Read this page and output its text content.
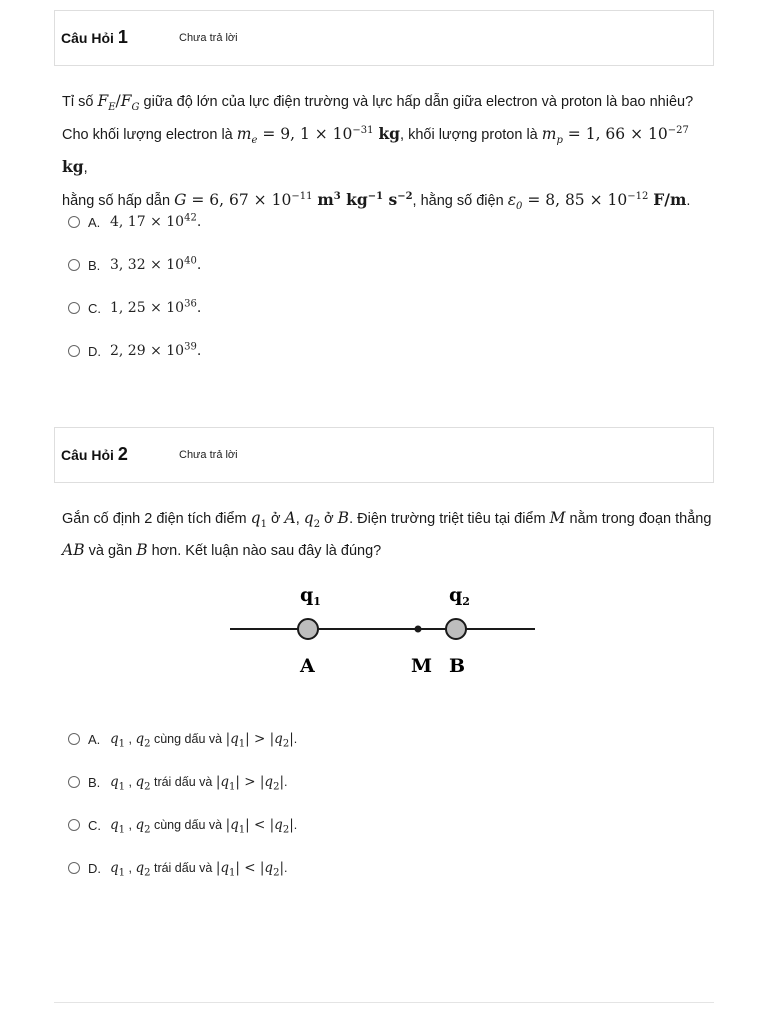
Câu Hỏi 1	Chưa trả lời
Tỉ số $F_E/F_G$ giữa độ lớn của lực điện trường và lực hấp dẫn giữa electron và proton là bao nhiêu?
Cho khối lượng electron là $m_e = 9$, $1 \times 10^{-31}$ kg, khối lượng proton là $m_p = 1$, $66 \times 10^{-27}$ kg,
hằng số hấp dẫn G = 6, $67 \times 10^{-11}$ $m^3$ $kg^{-1}$ $s^{-2}$, hằng số điện $\varepsilon_0 = 8$, $85 \times 10^{-12}$ F/m.
A. 4, $17 \times 10^{42}$.
B. 3, $32 \times 10^{40}$.
C. 1, $25 \times 10^{36}$.
D. 2, $29 \times 10^{39}$.
Câu Hỏi 2	Chưa trả lời
Gắn cố định 2 điện tích điểm $q_1$ ở A, $q_2$ ở B. Điện trường triệt tiêu tại điểm M nằm trong đoạn thẳng
AB và gần B hơn. Kết luận nào sau đây là đúng?
$q_1$	$q_2$
A	M B
A. $q_1$ , $q_2$ cùng dấu và $|q_1| > |q_2|$.
B. $q_1$ , $q_2$ trái dấu và $|q_1| > |q_2|$.
C. $q_1$ , $q_2$ cùng dấu và $|q_1| < |q_2|$.
D. $q_1$ , $q_2$ trái dấu và $|q_1| < |q_2|$.
